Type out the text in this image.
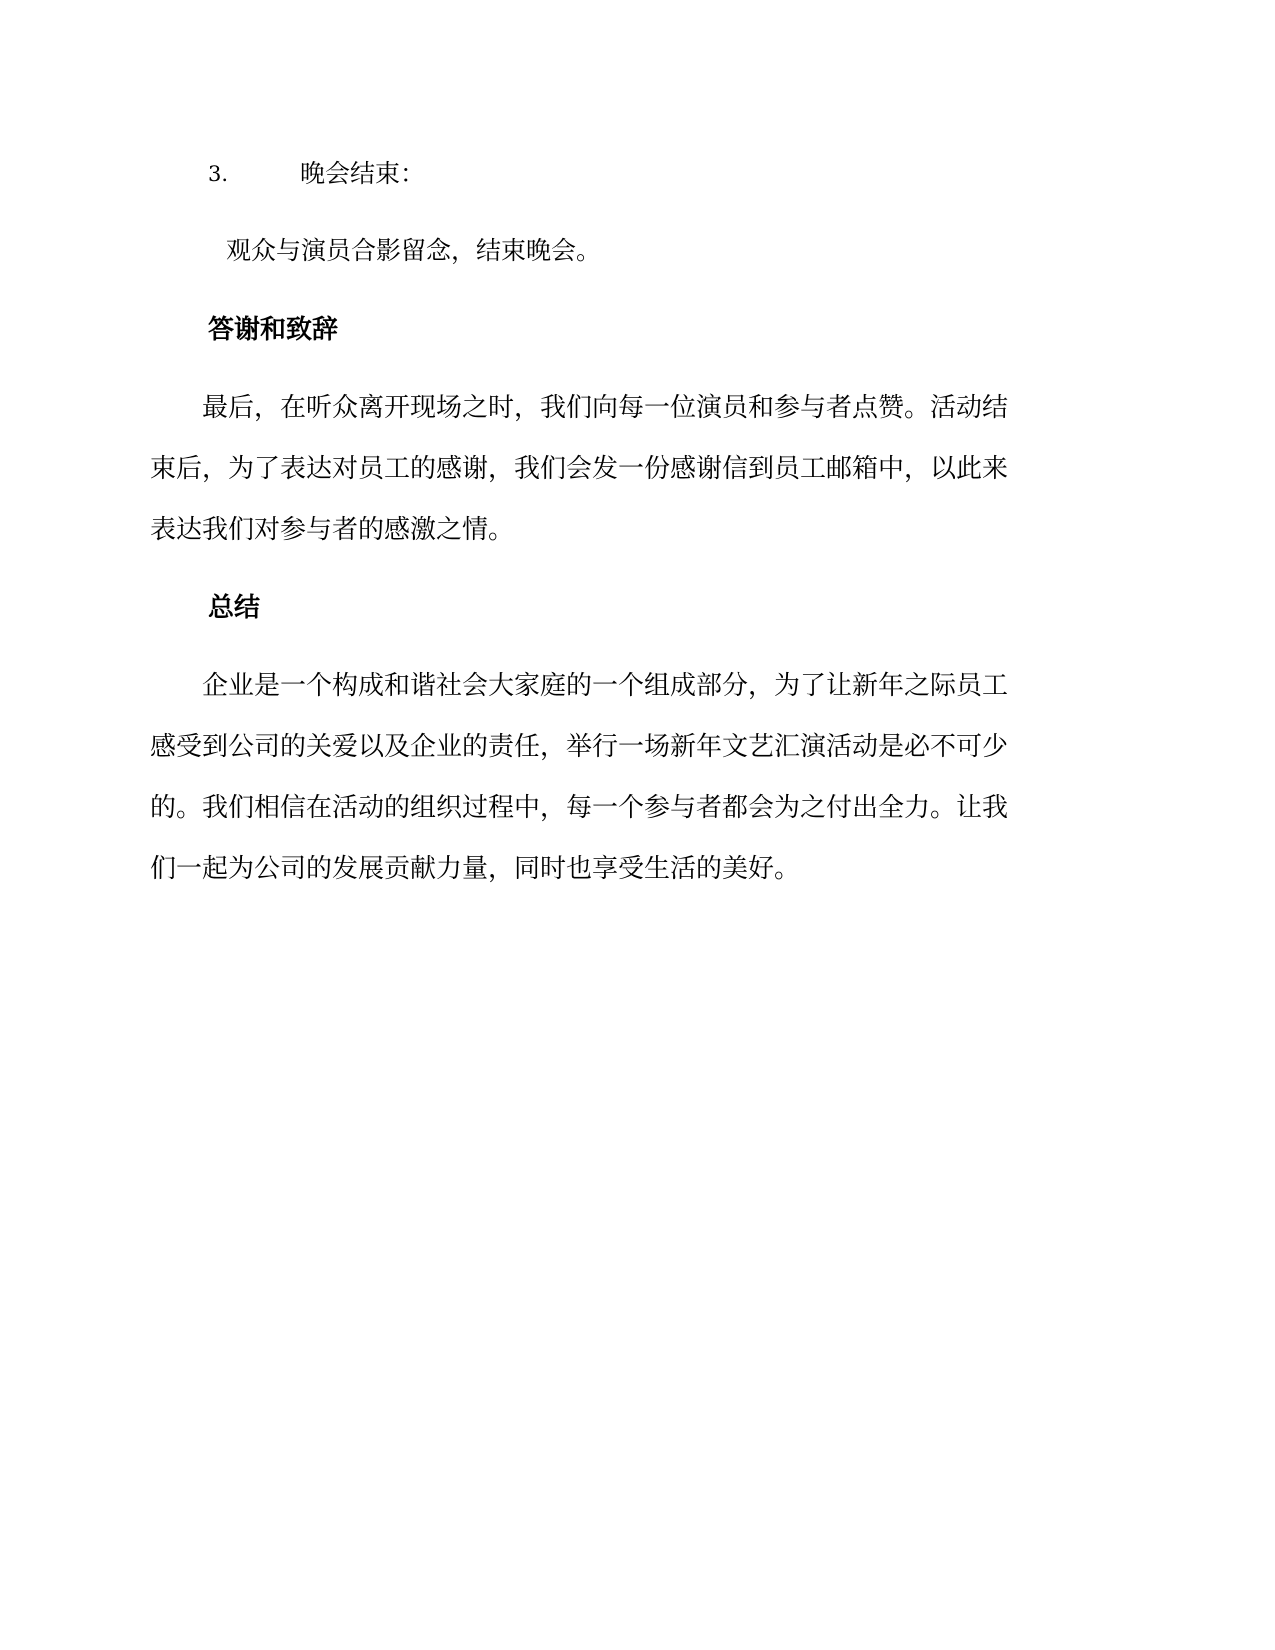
3.	晚会结束：
观众与演员合影留念，结束晚会。
答谢和致辞
　　最后，在听众离开现场之时，我们向每一位演员和参与者点赞。活动结
束后，为了表达对员工的感谢，我们会发一份感谢信到员工邮箱中，以此来
表达我们对参与者的感激之情。
总结
　　企业是一个构成和谐社会大家庭的一个组成部分，为了让新年之际员工
感受到公司的关爱以及企业的责任，举行一场新年文艺汇演活动是必不可少
的。我们相信在活动的组织过程中，每一个参与者都会为之付出全力。让我
们一起为公司的发展贡献力量，同时也享受生活的美好。
